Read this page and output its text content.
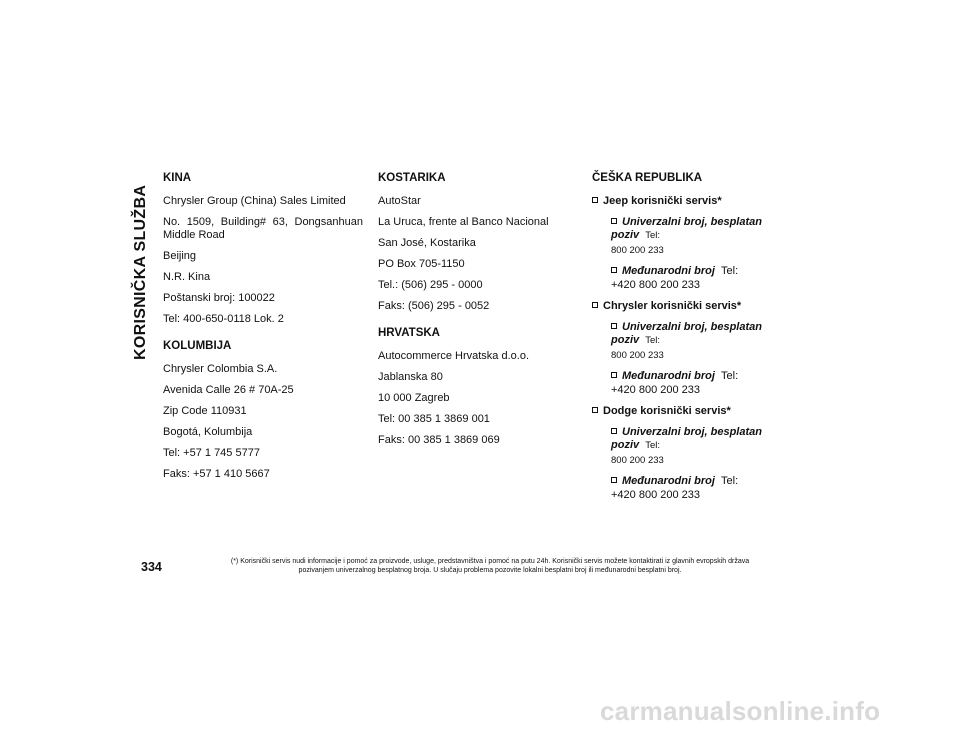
KORISNIČKA SLUŽBA
KINA
Chrysler Group (China) Sales Limited
No. 1509, Building# 63, Dongsanhuan Middle Road
Beijing
N.R. Kina
Poštanski broj: 100022
Tel: 400-650-0118 Lok. 2
KOLUMBIJA
Chrysler Colombia S.A.
Avenida Calle 26 # 70A-25
Zip Code 110931
Bogotá, Kolumbija
Tel: +57 1 745 5777
Faks: +57 1 410 5667
KOSTARIKA
AutoStar
La Uruca, frente al Banco Nacional
San José, Kostarika
PO Box 705-1150
Tel.: (506) 295 - 0000
Faks: (506) 295 - 0052
HRVATSKA
Autocommerce Hrvatska d.o.o.
Jablanska 80
10 000 Zagreb
Tel: 00 385 1 3869 001
Faks: 00 385 1 3869 069
ČEŠKA REPUBLIKA
Jeep korisnički servis*
Univerzalni broj, besplatan poziv Tel:
800 200 233
Međunarodni broj Tel:
+420 800 200 233
Chrysler korisnički servis*
Univerzalni broj, besplatan poziv Tel:
800 200 233
Međunarodni broj Tel:
+420 800 200 233
Dodge korisnički servis*
Univerzalni broj, besplatan poziv Tel:
800 200 233
Međunarodni broj Tel:
+420 800 200 233
334	(*) Korisnički servis nudi informacije i pomoć za proizvode, usluge, predstavništva i pomoć na putu 24h. Korisnički servis možete kontaktirati iz glavnih evropskih država
pozivanjem univerzalnog besplatnog broja. U slučaju problema pozovite lokalni besplatni broj ili međunarodni besplatni broj.
carmanualsonline.info
